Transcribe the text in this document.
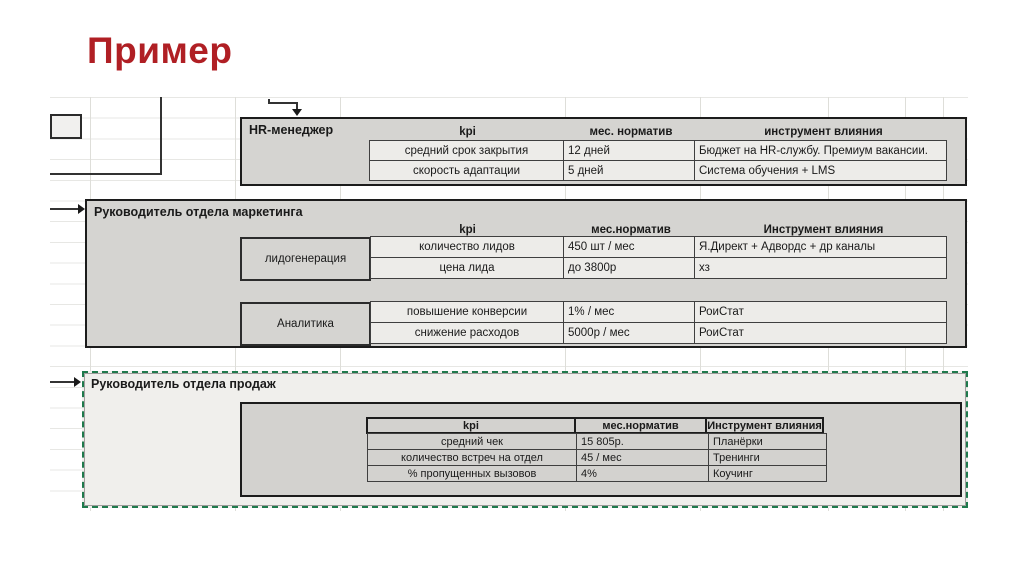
Пример
HR-менеджер	kpi	мес. норматив	инструмент влияния
средний срок закрытия	12 дней	Бюджет на HR-службу. Премиум вакансии.
скорость адаптации	5 дней	Система обучения + LMS
Руководитель отдела маркетинга
kpi	мес.норматив	Инструмент влияния
лидогенерация
количество лидов	450 шт / мес	Я.Директ + Адвордс + др каналы
цена лида	до 3800р	хз
Аналитика
повышение конверсии	1% / мес	РоиСтат
снижение расходов	5000р / мес	РоиСтат
Руководитель отдела продаж
kpi	мес.норматив	Инструмент влияния
средний чек	15 805р.	Планёрки
количество встреч на отдел	45 / мес	Тренинги
% пропущенных вызовов	4%	Коучинг
